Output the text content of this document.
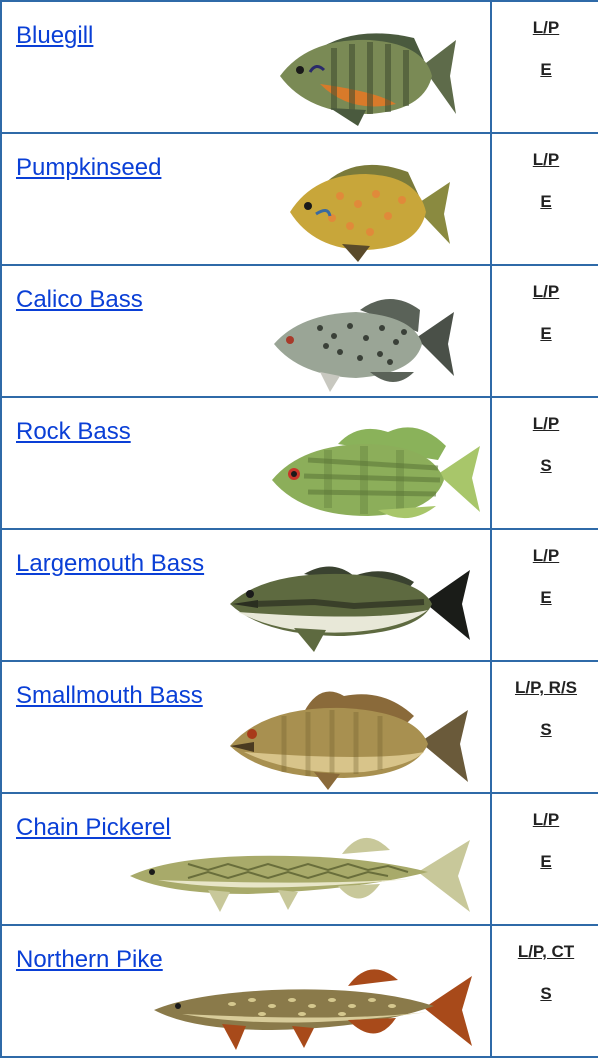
Bluegill	L/P
E

Pumpkinseed	L/P
E

Calico Bass	L/P
E

Rock Bass	L/P
S

Largemouth Bass	L/P
E

Smallmouth Bass	L/P, R/S
S

Chain Pickerel	L/P
E

Northern Pike	L/P, CT
S
